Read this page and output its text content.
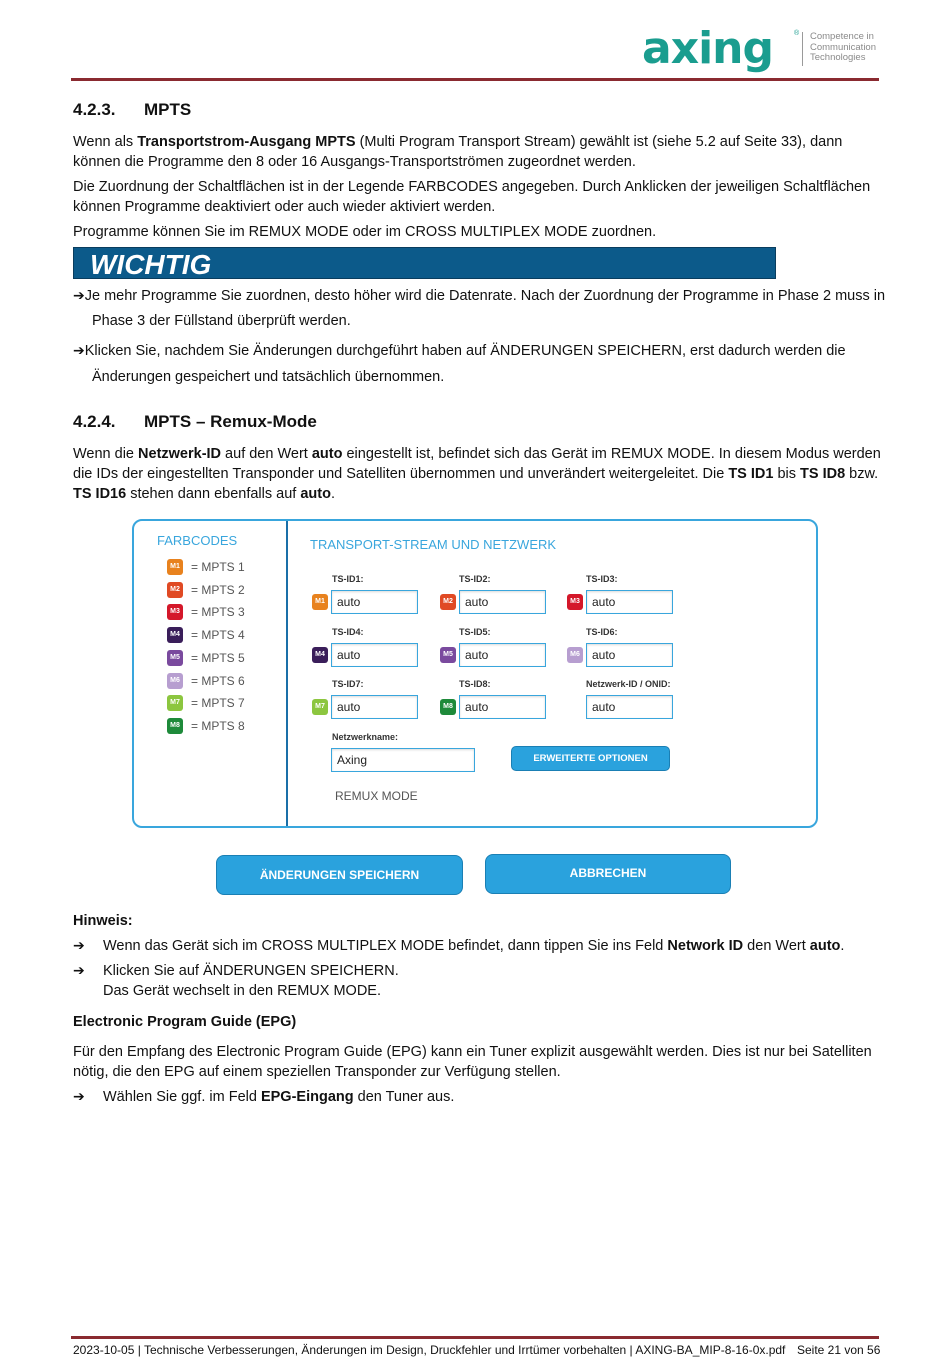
axing	® Competence in
Communication
Technologies
4.2.3. MPTS
Wenn als Transportstrom-Ausgang MPTS (Multi Program Transport Stream) gewählt ist (siehe 5.2 auf Seite 33), dann
können die Programme den 8 oder 16 Ausgangs-Transportströmen zugeordnet werden.
Die Zuordnung der Schaltflächen ist in der Legende FARBCODES angegeben. Durch Anklicken der jeweiligen Schaltflächen
können Programme deaktiviert oder auch wieder aktiviert werden.
Programme können Sie im REMUX MODE oder im CROSS MULTIPLEX MODE zuordnen.
WICHTIG
➔Je mehr Programme Sie zuordnen, desto höher wird die Datenrate. Nach der Zuordnung der Programme in Phase 2 muss in
Phase 3 der Füllstand überprüft werden.
➔Klicken Sie, nachdem Sie Änderungen durchgeführt haben auf ÄNDERUNGEN SPEICHERN, erst dadurch werden die
Änderungen gespeichert und tatsächlich übernommen.
4.2.4. MPTS – Remux-Mode
Wenn die Netzwerk-ID auf den Wert auto eingestellt ist, befindet sich das Gerät im REMUX MODE. In diesem Modus werden
die IDs der eingestellten Transponder und Satelliten übernommen und unverändert weitergeleitet. Die TS ID1 bis TS ID8 bzw.
TS ID16 stehen dann ebenfalls auf auto.
FARBCODES	TRANSPORT-STREAM UND NETZWERK
M1 = MPTS 1
M2 = MPTS 2
M3 = MPTS 3
M4 = MPTS 4
M5 = MPTS 5
M6 = MPTS 6
M7 = MPTS 7
M8 = MPTS 8
TS-ID1:
M1	auto
TS-ID2:
M2	auto
TS-ID3:
M3	auto
TS-ID4:
M4	auto
TS-ID5:
M5	auto
TS-ID6:
M6	auto
TS-ID7:
M7	auto
TS-ID8:
M8	auto
Netzwerk-ID / ONID:
auto
Netzwerkname:
Axing	ERWEITERTE OPTIONEN
REMUX MODE
ÄNDERUNGEN SPEICHERN	ABBRECHEN
Hinweis:
➔ Wenn das Gerät sich im CROSS MULTIPLEX MODE befindet, dann tippen Sie ins Feld Network ID den Wert auto.
➔ Klicken Sie auf ÄNDERUNGEN SPEICHERN.
Das Gerät wechselt in den REMUX MODE.
Electronic Program Guide (EPG)
Für den Empfang des Electronic Program Guide (EPG) kann ein Tuner explizit ausgewählt werden. Dies ist nur bei Satelliten
nötig, die den EPG auf einem speziellen Transponder zur Verfügung stellen.
➔ Wählen Sie ggf. im Feld EPG-Eingang den Tuner aus.
2023-10-05 | Technische Verbesserungen, Änderungen im Design, Druckfehler und Irrtümer vorbehalten | AXING-BA_MIP-8-16-0x.pdf Seite 21 von 56
